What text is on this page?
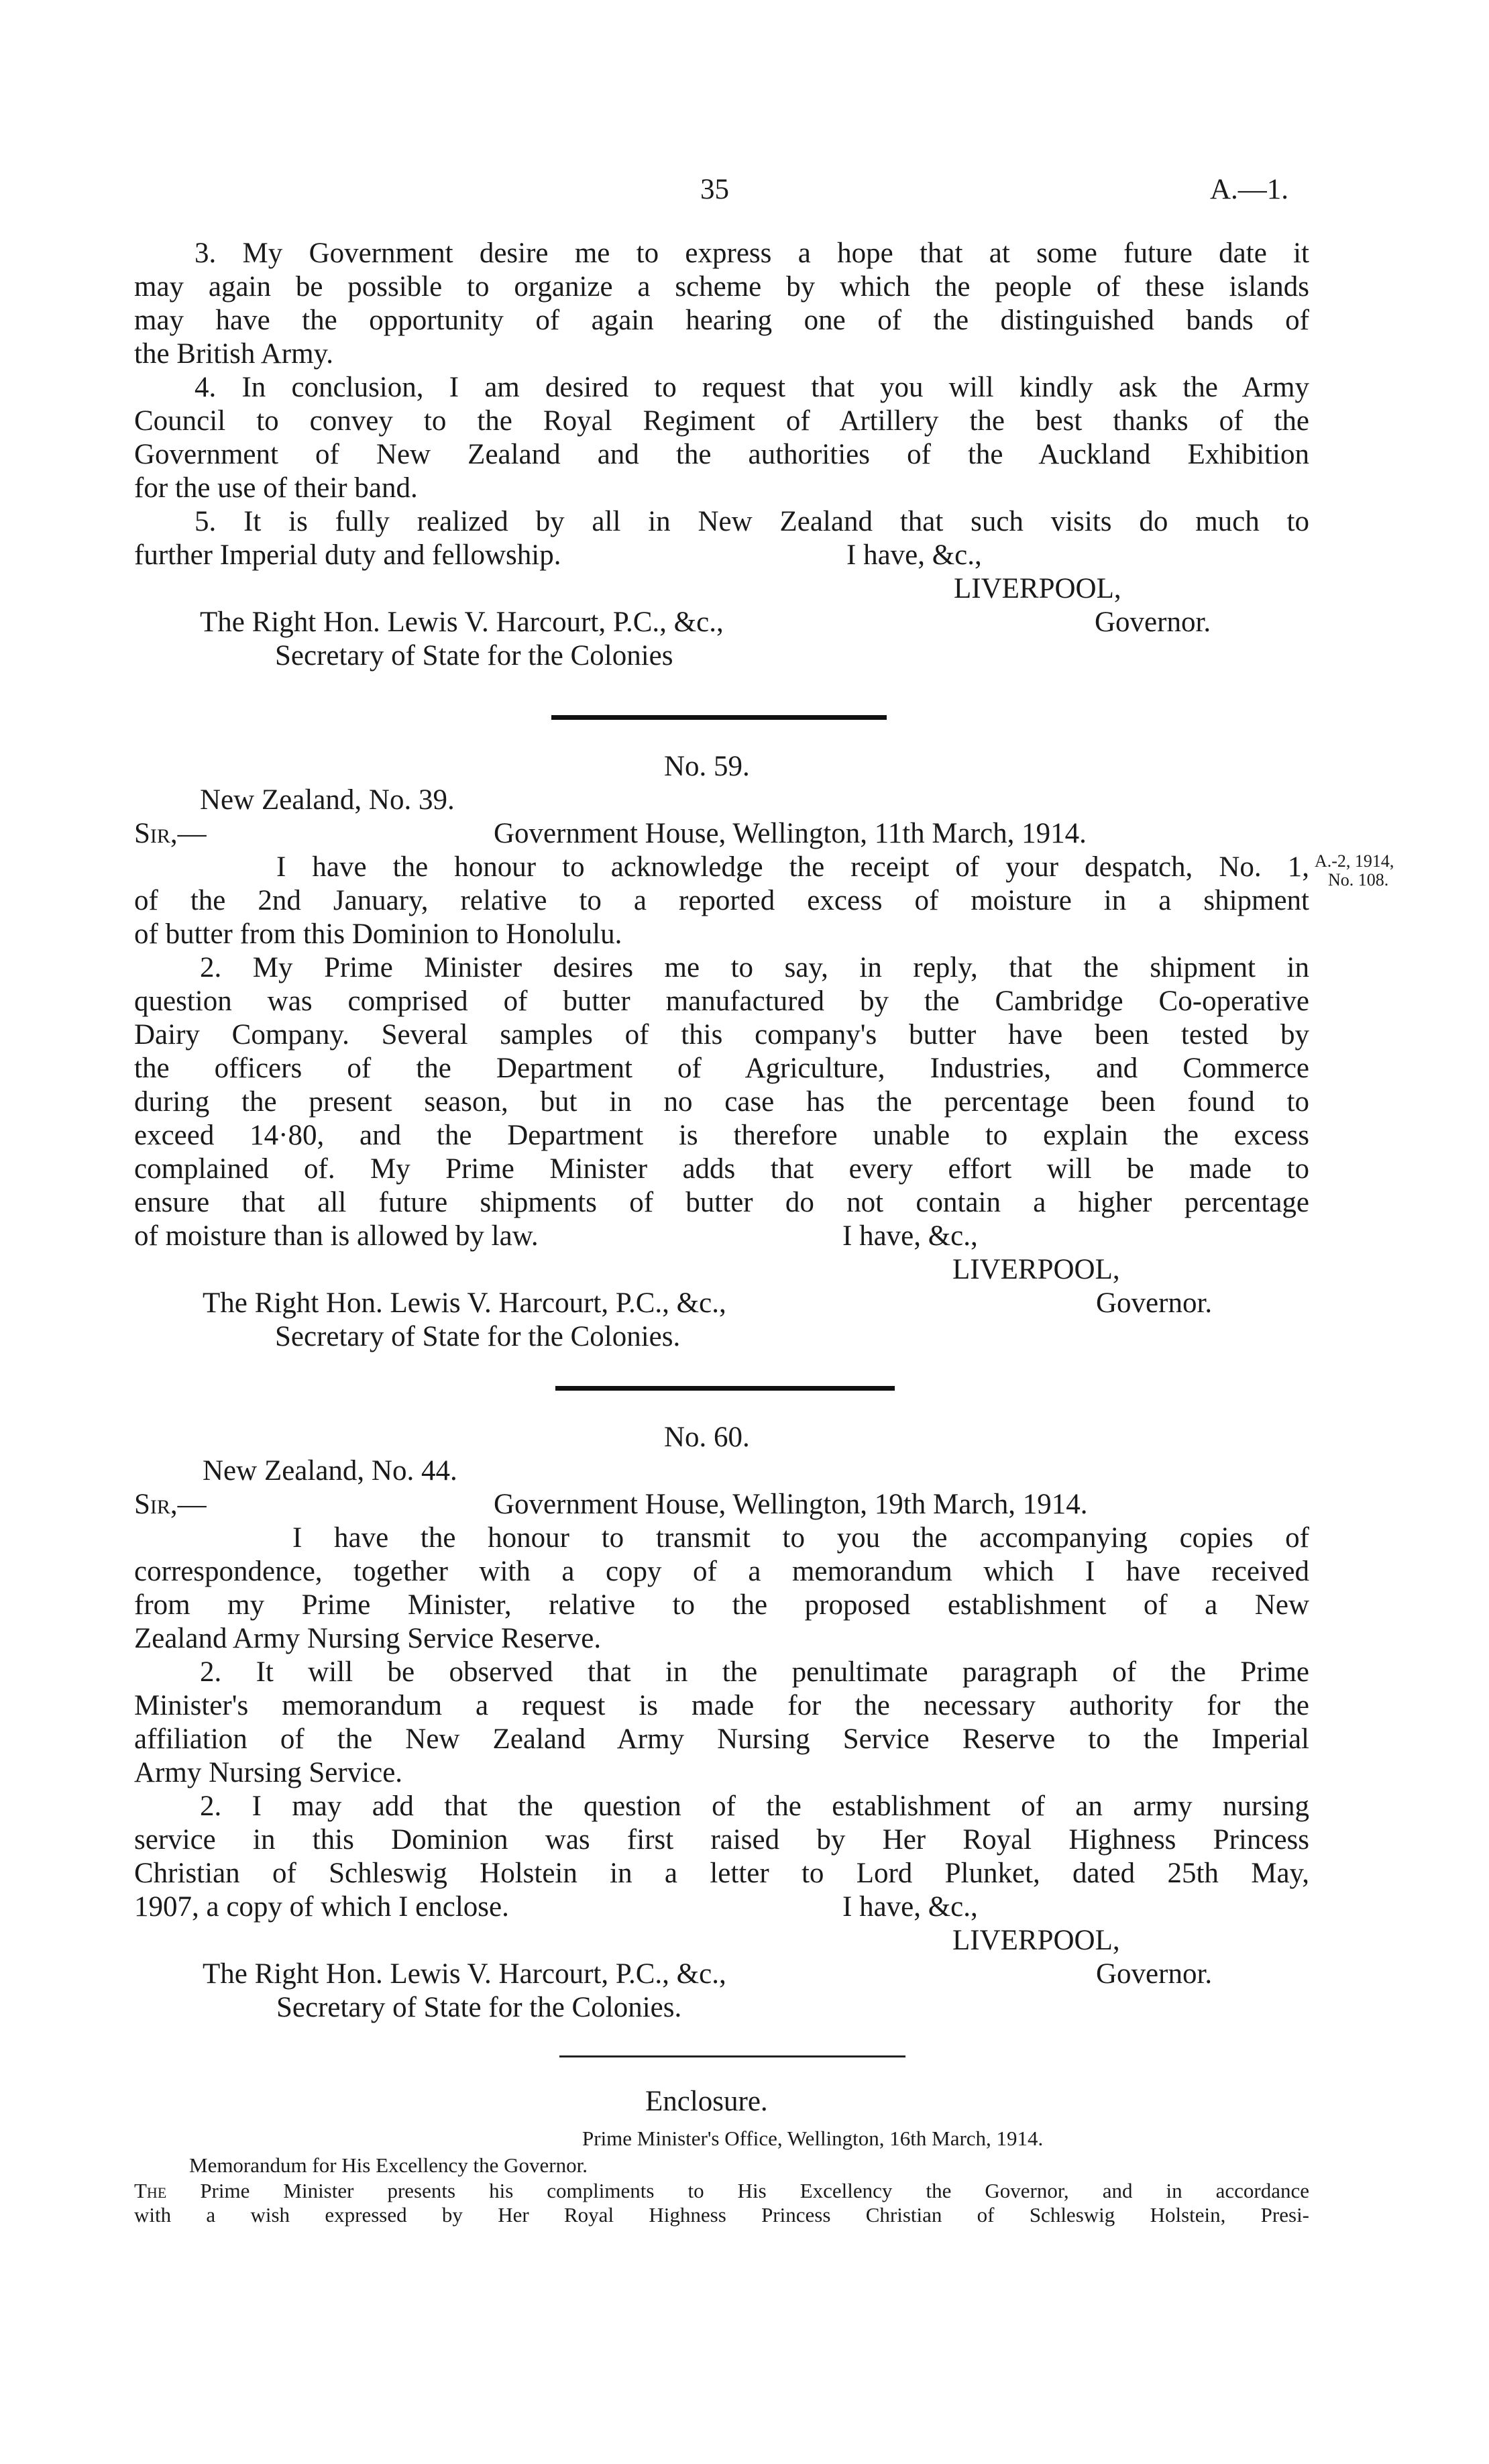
35	A.—1.
3. My Government desire me to express a hope that at some future date it
may again be possible to organize a scheme by which the people of these islands
may have the opportunity of again hearing one of the distinguished bands of
the British Army.
4. In conclusion, I am desired to request that you will kindly ask the Army
Council to convey to the Royal Regiment of Artillery the best thanks of the
Government of New Zealand and the authorities of the Auckland Exhibition
for the use of their band.
5. It is fully realized by all in New Zealand that such visits do much to
further Imperial duty and fellowship.	I have, &c.,
LIVERPOOL,
The Right Hon. Lewis V. Harcourt, P.C., &c.,	Governor.
Secretary of State for the Colonies
No. 59.
New Zealand, No. 39.
Sir,—	Government House, Wellington, 11th March, 1914.
I have the honour to acknowledge the receipt of your despatch, No. 1, A.-2, 1914,
No. 108.
of the 2nd January, relative to a reported excess of moisture in a shipment
of butter from this Dominion to Honolulu.
2. My Prime Minister desires me to say, in reply, that the shipment in
question was comprised of butter manufactured by the Cambridge Co-operative
Dairy Company. Several samples of this company's butter have been tested by
the officers of the Department of Agriculture, Industries, and Commerce
during the present season, but in no case has the percentage been found to
exceed 14·80, and the Department is therefore unable to explain the excess
complained of. My Prime Minister adds that every effort will be made to
ensure that all future shipments of butter do not contain a higher percentage
of moisture than is allowed by law.	I have, &c.,
LIVERPOOL,
The Right Hon. Lewis V. Harcourt, P.C., &c.,	Governor.
Secretary of State for the Colonies.
No. 60.
New Zealand, No. 44.
Sir,—	Government House, Wellington, 19th March, 1914.
I have the honour to transmit to you the accompanying copies of
correspondence, together with a copy of a memorandum which I have received
from my Prime Minister, relative to the proposed establishment of a New
Zealand Army Nursing Service Reserve.
2. It will be observed that in the penultimate paragraph of the Prime
Minister's memorandum a request is made for the necessary authority for the
affiliation of the New Zealand Army Nursing Service Reserve to the Imperial
Army Nursing Service.
2. I may add that the question of the establishment of an army nursing
service in this Dominion was first raised by Her Royal Highness Princess
Christian of Schleswig Holstein in a letter to Lord Plunket, dated 25th May,
1907, a copy of which I enclose.	I have, &c.,
LIVERPOOL,
The Right Hon. Lewis V. Harcourt, P.C., &c.,	Governor.
Secretary of State for the Colonies.
Enclosure.
Prime Minister's Office, Wellington, 16th March, 1914.
Memorandum for His Excellency the Governor.
The Prime Minister presents his compliments to His Excellency the Governor, and in accordance
with a wish expressed by Her Royal Highness Princess Christian of Schleswig Holstein, Presi-
